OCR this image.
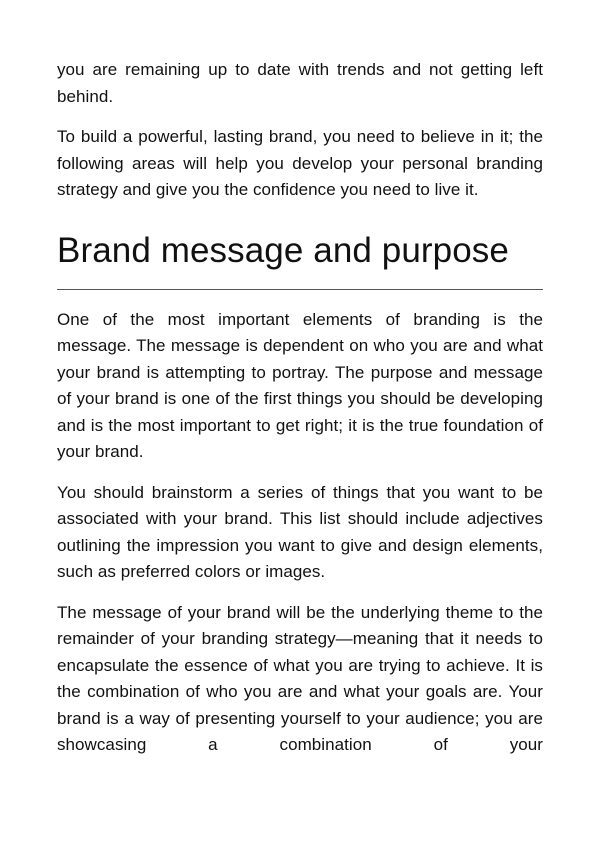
you are remaining up to date with trends and not getting left behind.

To build a powerful, lasting brand, you need to believe in it; the following areas will help you develop your personal branding strategy and give you the confidence you need to live it.

Brand message and purpose

One of the most important elements of branding is the message. The message is dependent on who you are and what your brand is attempting to portray. The purpose and message of your brand is one of the first things you should be developing and is the most important to get right; it is the true foundation of your brand.

You should brainstorm a series of things that you want to be associated with your brand. This list should include adjectives outlining the impression you want to give and design elements, such as preferred colors or images.

The message of your brand will be the underlying theme to the remainder of your branding strategy—meaning that it needs to encapsulate the essence of what you are trying to achieve. It is the combination of who you are and what your goals are. Your brand is a way of presenting yourself to your audience; you are showcasing a combination of your
